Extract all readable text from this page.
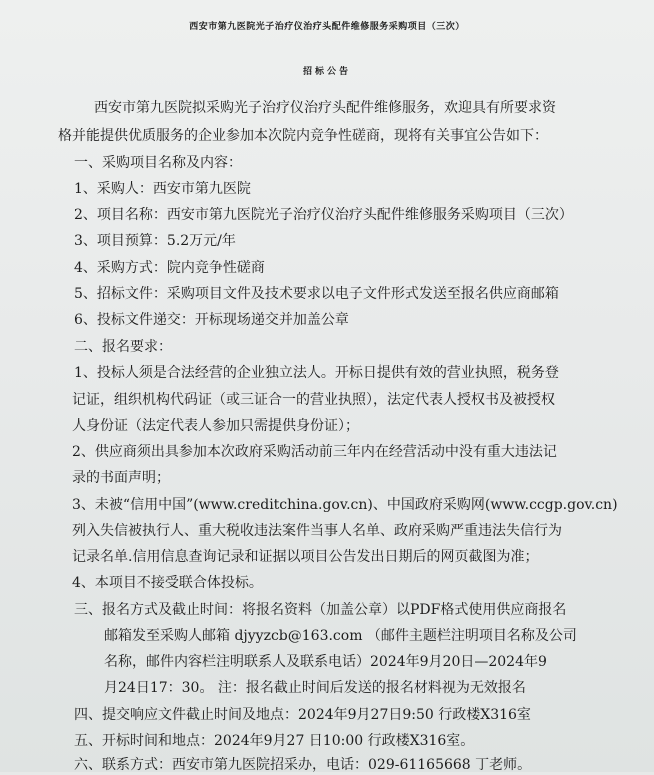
西安市第九医院光子治疗仪治疗头配件维修服务采购项目（三次）
招标公告
西安市第九医院拟采购光子治疗仪治疗头配件维修服务，欢迎具有所要求资
格并能提供优质服务的企业参加本次院内竞争性磋商，现将有关事宜公告如下：
一、采购项目名称及内容：
1、采购人：西安市第九医院
2、项目名称：西安市第九医院光子治疗仪治疗头配件维修服务采购项目（三次）
3、项目预算：5.2万元/年
4、采购方式：院内竞争性磋商
5、招标文件：采购项目文件及技术要求以电子文件形式发送至报名供应商邮箱
6、投标文件递交：开标现场递交并加盖公章
二、报名要求：
1、投标人须是合法经营的企业独立法人。开标日提供有效的营业执照，税务登
记证，组织机构代码证（或三证合一的营业执照），法定代表人授权书及被授权
人身份证（法定代表人参加只需提供身份证）；
2、供应商须出具参加本次政府采购活动前三年内在经营活动中没有重大违法记
录的书面声明；
3、未被“信用中国”(www.creditchina.gov.cn)、中国政府采购网(www.ccgp.gov.cn)
列入失信被执行人、重大税收违法案件当事人名单、政府采购严重违法失信行为
记录名单.信用信息查询记录和证据以项目公告发出日期后的网页截图为准；
4、本项目不接受联合体投标。
三、报名方式及截止时间：将报名资料（加盖公章）以PDF格式使用供应商报名
邮箱发至采购人邮箱 djyyzcb@163.com （邮件主题栏注明项目名称及公司
名称，邮件内容栏注明联系人及联系电话）2024年9月20日—2024年9
月24日17：30。 注：报名截止时间后发送的报名材料视为无效报名
四、提交响应文件截止时间及地点：2024年9月27日9:50 行政楼X316室
五、开标时间和地点：2024年9月27 日10:00 行政楼X316室。
六、联系方式：西安市第九医院招采办，电话：029-61165668 丁老师。
